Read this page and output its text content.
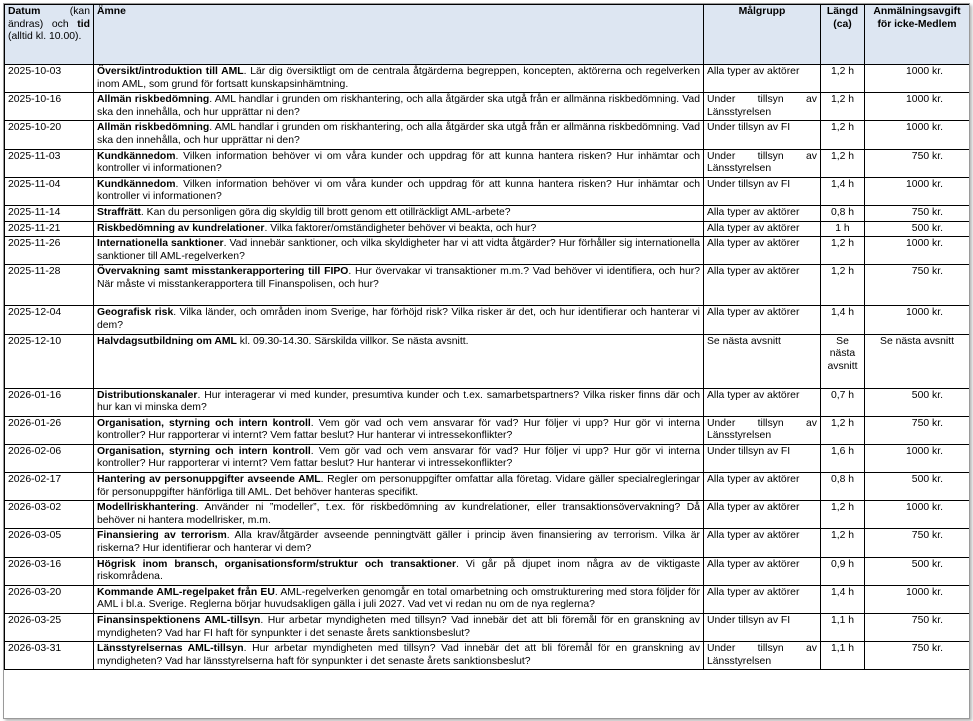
Datum (kan ändras) och tid (alltid kl. 10.00).	Ämne	Målgrupp	Längd (ca)	Anmälningsavgift för icke-Medlem
2025-10-03	Översikt/introduktion till AML. Lär dig översiktligt om de centrala åtgärderna begreppen, koncepten, aktörerna och regelverken inom AML, som grund för fortsatt kunskapsinhämtning.	Alla typer av aktörer	1,2 h	1000 kr.
2025-10-16	Allmän riskbedömning. AML handlar i grunden om riskhantering, och alla åtgärder ska utgå från er allmänna riskbedömning. Vad ska den innehålla, och hur upprättar ni den?	Under tillsyn av Länsstyrelsen	1,2 h	1000 kr.
2025-10-20	Allmän riskbedömning. AML handlar i grunden om riskhantering, och alla åtgärder ska utgå från er allmänna riskbedömning. Vad ska den innehålla, och hur upprättar ni den?	Under tillsyn av FI	1,2 h	1000 kr.
2025-11-03	Kundkännedom. Vilken information behöver vi om våra kunder och uppdrag för att kunna hantera risken? Hur inhämtar och kontroller vi informationen?	Under tillsyn av Länsstyrelsen	1,2 h	750 kr.
2025-11-04	Kundkännedom. Vilken information behöver vi om våra kunder och uppdrag för att kunna hantera risken? Hur inhämtar och kontroller vi informationen?	Under tillsyn av FI	1,4 h	1000 kr.
2025-11-14	Straffrätt. Kan du personligen göra dig skyldig till brott genom ett otillräckligt AML-arbete?	Alla typer av aktörer	0,8 h	750 kr.
2025-11-21	Riskbedömning av kundrelationer. Vilka faktorer/omständigheter behöver vi beakta, och hur?	Alla typer av aktörer	1 h	500 kr.
2025-11-26	Internationella sanktioner. Vad innebär sanktioner, och vilka skyldigheter har vi att vidta åtgärder? Hur förhåller sig internationella sanktioner till AML-regelverken?	Alla typer av aktörer	1,2 h	1000 kr.
2025-11-28	Övervakning samt misstankerapportering till FIPO. Hur övervakar vi transaktioner m.m.? Vad behöver vi identifiera, och hur? När måste vi misstankerapportera till Finanspolisen, och hur?	Alla typer av aktörer	1,2 h	750 kr.
2025-12-04	Geografisk risk. Vilka länder, och områden inom Sverige, har förhöjd risk? Vilka risker är det, och hur identifierar och hanterar vi dem?	Alla typer av aktörer	1,4 h	1000 kr.
2025-12-10	Halvdagsutbildning om AML kl. 09.30-14.30. Särskilda villkor. Se nästa avsnitt.	Se nästa avsnitt	Se nästa avsnitt	Se nästa avsnitt
2026-01-16	Distributionskanaler. Hur interagerar vi med kunder, presumtiva kunder och t.ex. samarbetspartners? Vilka risker finns där och hur kan vi minska dem?	Alla typer av aktörer	0,7 h	500 kr.
2026-01-26	Organisation, styrning och intern kontroll. Vem gör vad och vem ansvarar för vad? Hur följer vi upp? Hur gör vi interna kontroller? Hur rapporterar vi internt? Vem fattar beslut? Hur hanterar vi intressekonflikter?	Under tillsyn av Länsstyrelsen	1,2 h	750 kr.
2026-02-06	Organisation, styrning och intern kontroll. Vem gör vad och vem ansvarar för vad? Hur följer vi upp? Hur gör vi interna kontroller? Hur rapporterar vi internt? Vem fattar beslut? Hur hanterar vi intressekonflikter?	Under tillsyn av FI	1,6 h	1000 kr.
2026-02-17	Hantering av personuppgifter avseende AML. Regler om personuppgifter omfattar alla företag. Vidare gäller specialregleringar för personuppgifter hänförliga till AML. Det behöver hanteras specifikt.	Alla typer av aktörer	0,8 h	500 kr.
2026-03-02	Modellriskhantering. Använder ni ”modeller”, t.ex. för riskbedömning av kundrelationer, eller transaktionsövervakning? Då behöver ni hantera modellrisker, m.m.	Alla typer av aktörer	1,2 h	1000 kr.
2026-03-05	Finansiering av terrorism. Alla krav/åtgärder avseende penningtvätt gäller i princip även finansiering av terrorism. Vilka är riskerna? Hur identifierar och hanterar vi dem?	Alla typer av aktörer	1,2 h	750 kr.
2026-03-16	Högrisk inom bransch, organisationsform/struktur och transaktioner. Vi går på djupet inom några av de viktigaste riskområdena.	Alla typer av aktörer	0,9 h	500 kr.
2026-03-20	Kommande AML-regelpaket från EU. AML-regelverken genomgår en total omarbetning och omstrukturering med stora följder för AML i bl.a. Sverige. Reglerna börjar huvudsakligen gälla i juli 2027. Vad vet vi redan nu om de nya reglerna?	Alla typer av aktörer	1,4 h	1000 kr.
2026-03-25	Finansinspektionens AML-tillsyn. Hur arbetar myndigheten med tillsyn? Vad innebär det att bli föremål för en granskning av myndigheten? Vad har FI haft för synpunkter i det senaste årets sanktionsbeslut?	Under tillsyn av FI	1,1 h	750 kr.
2026-03-31	Länsstyrelsernas AML-tillsyn. Hur arbetar myndigheten med tillsyn? Vad innebär det att bli föremål för en granskning av myndigheten? Vad har länsstyrelserna haft för synpunkter i det senaste årets sanktionsbeslut?	Under tillsyn av Länsstyrelsen	1,1 h	750 kr.
